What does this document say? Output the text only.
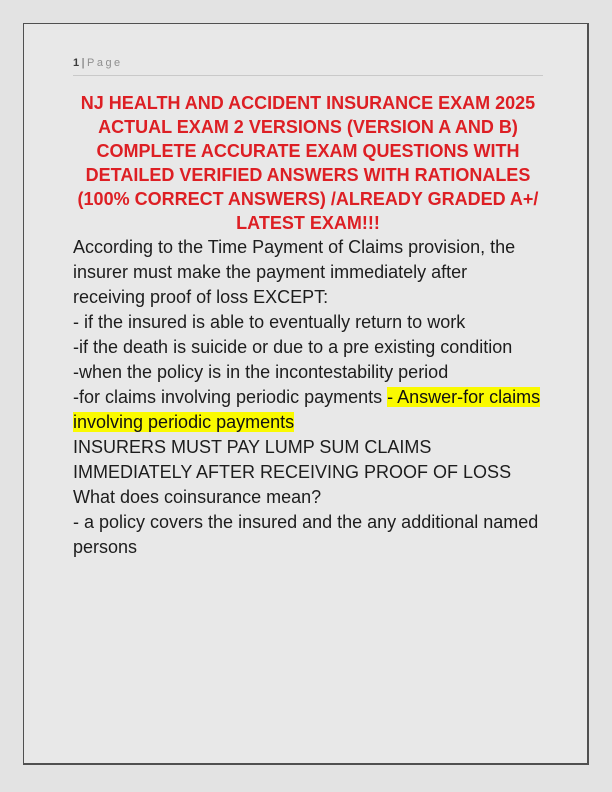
1|Page
NJ HEALTH AND ACCIDENT INSURANCE EXAM 2025
ACTUAL EXAM 2 VERSIONS (VERSION A AND B)
COMPLETE ACCURATE EXAM QUESTIONS WITH
DETAILED VERIFIED ANSWERS WITH RATIONALES
(100% CORRECT ANSWERS) /ALREADY GRADED A+/
LATEST EXAM!!!

According to the Time Payment of Claims provision, the insurer must make the payment immediately after receiving proof of loss EXCEPT:

- if the insured is able to eventually return to work

-if the death is suicide or due to a pre existing condition

-when the policy is in the incontestability period

-for claims involving periodic payments - Answer-for claims involving periodic payments

INSURERS MUST PAY LUMP SUM CLAIMS IMMEDIATELY AFTER RECEIVING PROOF OF LOSS

What does coinsurance mean?

- a policy covers the insured and the any additional named persons
